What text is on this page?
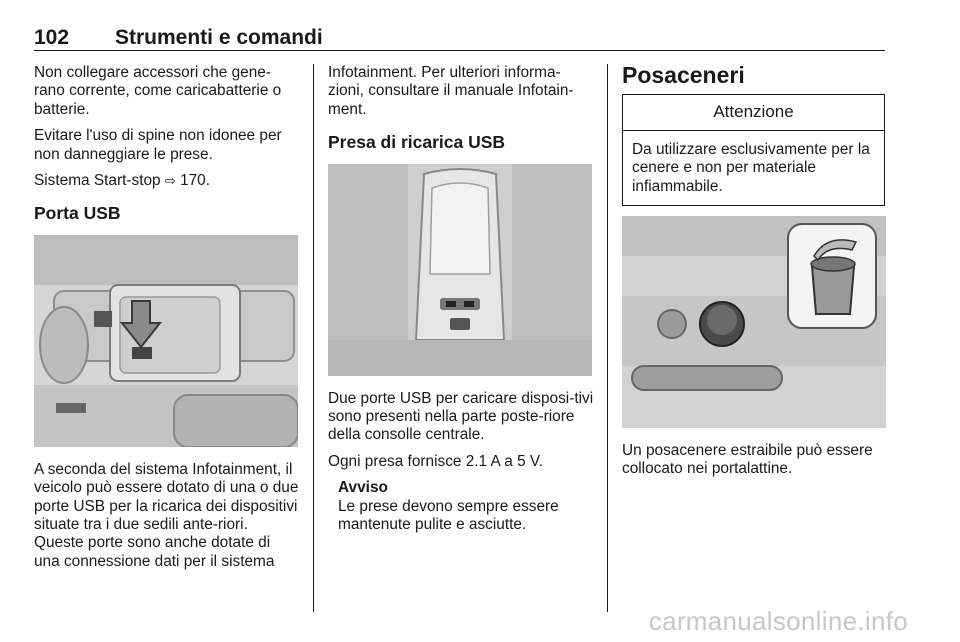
102 Strumenti e comandi

Non collegare accessori che gene-rano corrente, come caricabatterie o batterie.

Evitare l'uso di spine non idonee per non danneggiare le prese.

Sistema Start-stop ⇨ 170.

Porta USB

A seconda del sistema Infotainment, il veicolo può essere dotato di una o due porte USB per la ricarica dei dispositivi situate tra i due sedili ante-riori. Queste porte sono anche dotate di una connessione dati per il sistema

Infotainment. Per ulteriori informa-zioni, consultare il manuale Infotain-ment.

Presa di ricarica USB

Due porte USB per caricare disposi-tivi sono presenti nella parte poste-riore della consolle centrale.

Ogni presa fornisce 2.1 A a 5 V.

Avviso
Le prese devono sempre essere mantenute pulite e asciutte.
Posaceneri
Attenzione
Da utilizzare esclusivamente per la cenere e non per materiale infiammabile.

Un posacenere estraibile può essere collocato nei portalattine.

carmanualsonline.info
